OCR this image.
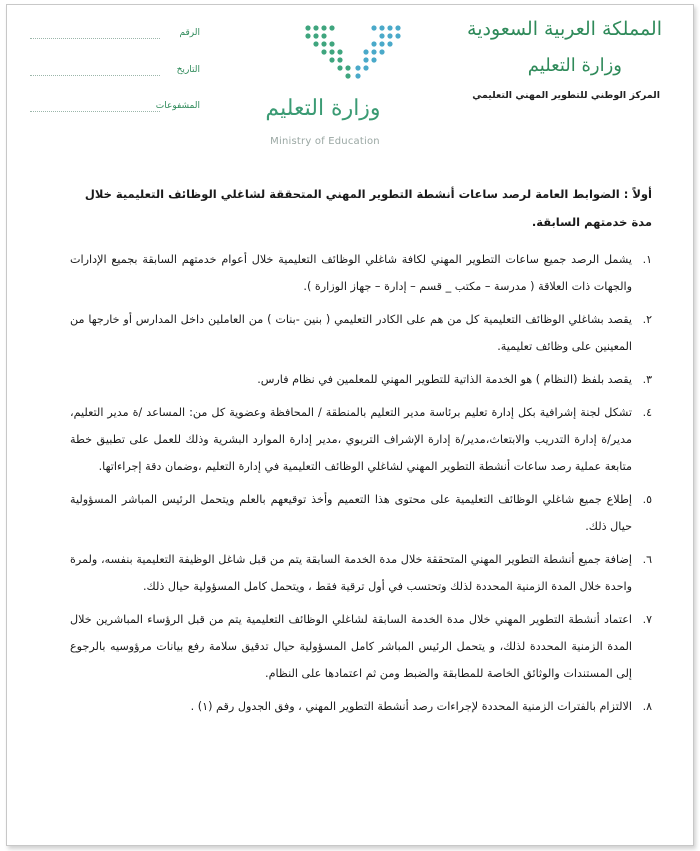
المملكة العربية السعودية
وزارة التعليم
المركز الوطني للتطوير المهني التعليمي
وزارة التعليم
Ministry of Education
الرقم
التاريخ
المشفوعات
أولاً : الضوابط العامة لرصد ساعات أنشطة التطوير المهني المتحققة لشاغلي الوظائف التعليمية خلال مدة خدمتهم السابقة.
١.
يشمل الرصد جميع ساعات التطوير المهني لكافة شاغلي الوظائف التعليمية خلال أعوام خدمتهم السابقة بجميع الإدارات والجهات ذات العلاقة ( مدرسة – مكتب _ قسم – إدارة – جهاز الوزارة ).
٢.
يقصد بشاغلي الوظائف التعليمية كل من هم على الكادر التعليمي ( بنين -بنات ) من العاملين داخل المدارس أو خارجها من المعينين على وظائف تعليمية.
٣.
يقصد بلفظ (النظام ) هو الخدمة الذاتية للتطوير المهني للمعلمين في نظام فارس.
٤.
تشكل لجنة إشرافية بكل إدارة تعليم برئاسة مدير التعليم بالمنطقة / المحافظة وعضوية كل من: المساعد /ة مدير التعليم، مدير/ة إدارة التدريب والابتعاث،مدير/ة إدارة الإشراف التربوي ،مدير إدارة الموارد البشرية وذلك للعمل على تطبيق خطة متابعة عملية رصد ساعات أنشطة التطوير المهني لشاغلي الوظائف التعليمية في إدارة التعليم ،وضمان دقة إجراءاتها.
٥.
إطلاع جميع شاغلي الوظائف التعليمية على محتوى هذا التعميم وأخذ توقيعهم بالعلم ويتحمل الرئيس المباشر المسؤولية حيال ذلك.
٦.
إضافة جميع أنشطة التطوير المهني المتحققة خلال مدة الخدمة السابقة يتم من قبل شاغل الوظيفة التعليمية بنفسه، ولمرة واحدة خلال المدة الزمنية المحددة لذلك وتحتسب في أول ترقية فقط ، ويتحمل كامل المسؤولية حيال ذلك.
٧.
اعتماد أنشطة التطوير المهني خلال مدة الخدمة السابقة لشاغلي الوظائف التعليمية يتم من قبل الرؤساء المباشرين خلال المدة الزمنية المحددة لذلك، و يتحمل الرئيس المباشر كامل المسؤولية حيال تدقيق سلامة رفع بيانات مرؤوسيه بالرجوع إلى المستندات والوثائق الخاصة للمطابقة والضبط ومن ثم اعتمادها على النظام.
٨.
الالتزام بالفترات الزمنية المحددة لإجراءات رصد أنشطة التطوير المهني ، وفق الجدول رقم (١) .
